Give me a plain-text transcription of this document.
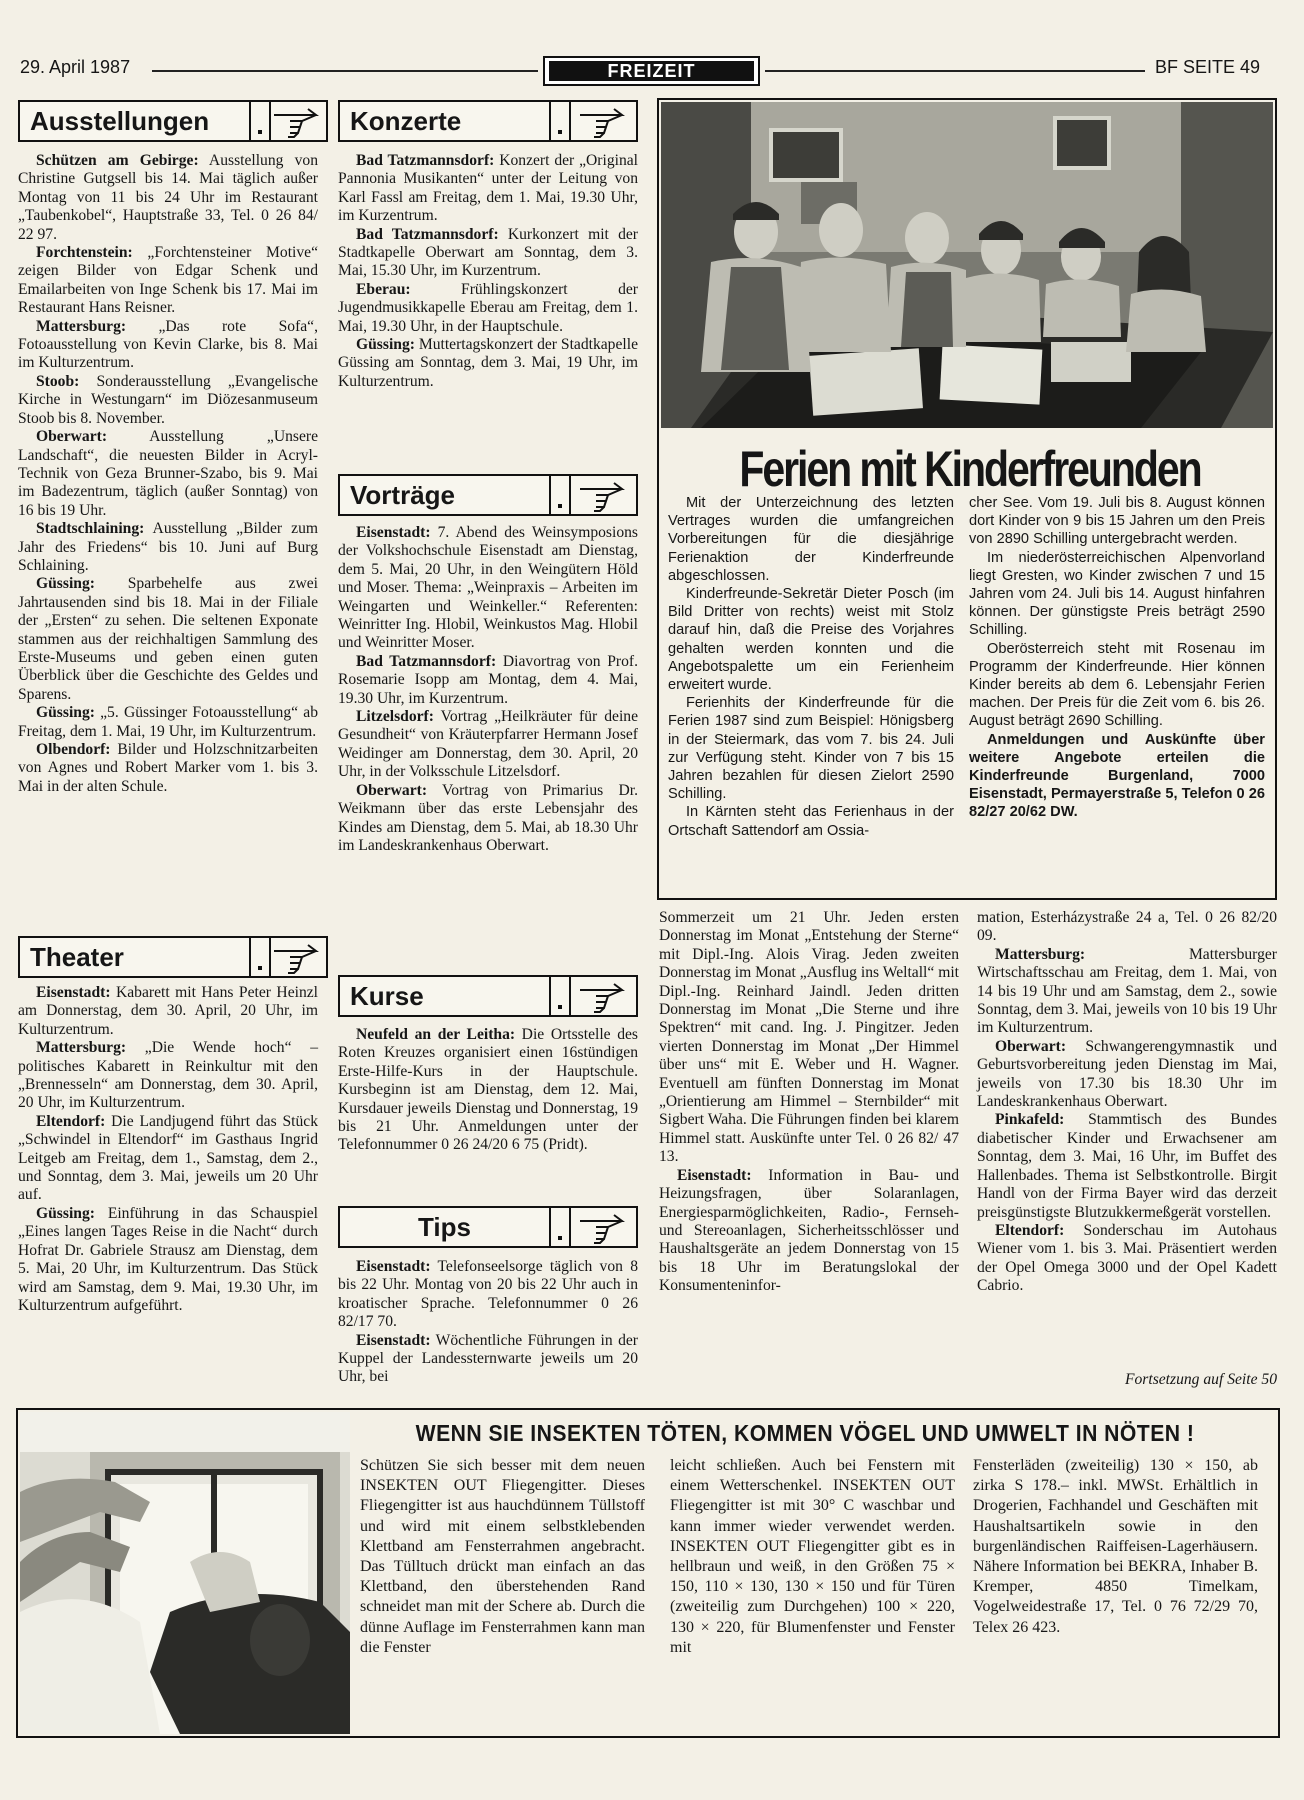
29. April 1987	FREIZEIT	BF SEITE 49
Ausstellungen	Konzerte
Vorträge
Theater
Kurse
Tips

Schützen am Gebirge: Ausstellung von Christine Gutgsell bis 14. Mai täglich außer Montag von 11 bis 24 Uhr im Restaurant „Taubenkobel“, Hauptstraße 33, Tel. 0 26 84/ 22 97.

Forchtenstein: „Forchtensteiner Motive“ zeigen Bilder von Edgar Schenk und Emailarbeiten von Inge Schenk bis 17. Mai im Restaurant Hans Reisner.

Mattersburg: „Das rote Sofa“, Fotoausstellung von Kevin Clarke, bis 8. Mai im Kulturzentrum.

Stoob: Sonderausstellung „Evangelische Kirche in Westungarn“ im Diözesanmuseum Stoob bis 8. November.

Oberwart: Ausstellung „Unsere Landschaft“, die neuesten Bilder in Acryl-Technik von Geza Brunner-Szabo, bis 9. Mai im Badezentrum, täglich (außer Sonntag) von 16 bis 19 Uhr.

Stadtschlaining: Ausstellung „Bilder zum Jahr des Friedens“ bis 10. Juni auf Burg Schlaining.

Güssing: Sparbehelfe aus zwei Jahrtausenden sind bis 18. Mai in der Filiale der „Ersten“ zu sehen. Die seltenen Exponate stammen aus der reichhaltigen Sammlung des Erste-Museums und geben einen guten Überblick über die Geschichte des Geldes und Sparens.

Güssing: „5. Güssinger Fotoausstellung“ ab Freitag, dem 1. Mai, 19 Uhr, im Kulturzentrum.

Olbendorf: Bilder und Holzschnitzarbeiten von Agnes und Robert Marker vom 1. bis 3. Mai in der alten Schule.

Eisenstadt: Kabarett mit Hans Peter Heinzl am Donnerstag, dem 30. April, 20 Uhr, im Kulturzentrum.

Mattersburg: „Die Wende hoch“ – politisches Kabarett in Reinkultur mit den „Brennesseln“ am Donnerstag, dem 30. April, 20 Uhr, im Kulturzentrum.

Eltendorf: Die Landjugend führt das Stück „Schwindel in Eltendorf“ im Gasthaus Ingrid Leitgeb am Freitag, dem 1., Samstag, dem 2., und Sonntag, dem 3. Mai, jeweils um 20 Uhr auf.

Güssing: Einführung in das Schauspiel „Eines langen Tages Reise in die Nacht“ durch Hofrat Dr. Gabriele Strausz am Dienstag, dem 5. Mai, 20 Uhr, im Kulturzentrum. Das Stück wird am Samstag, dem 9. Mai, 19.30 Uhr, im Kulturzentrum aufgeführt.

Bad Tatzmannsdorf: Konzert der „Original Pannonia Musikanten“ unter der Leitung von Karl Fassl am Freitag, dem 1. Mai, 19.30 Uhr, im Kurzentrum.

Bad Tatzmannsdorf: Kurkonzert mit der Stadtkapelle Oberwart am Sonntag, dem 3. Mai, 15.30 Uhr, im Kurzentrum.

Eberau: Frühlingskonzert der Jugendmusikkapelle Eberau am Freitag, dem 1. Mai, 19.30 Uhr, in der Hauptschule.

Güssing: Muttertagskonzert der Stadtkapelle Güssing am Sonntag, dem 3. Mai, 19 Uhr, im Kulturzentrum.

Eisenstadt: 7. Abend des Weinsymposions der Volkshochschule Eisenstadt am Dienstag, dem 5. Mai, 20 Uhr, in den Weingütern Höld und Moser. Thema: „Weinpraxis – Arbeiten im Weingarten und Weinkeller.“ Referenten: Weinritter Ing. Hlobil, Weinkustos Mag. Hlobil und Weinritter Moser.

Bad Tatzmannsdorf: Diavortrag von Prof. Rosemarie Isopp am Montag, dem 4. Mai, 19.30 Uhr, im Kurzentrum.

Litzelsdorf: Vortrag „Heilkräuter für deine Gesundheit“ von Kräuterpfarrer Hermann Josef Weidinger am Donnerstag, dem 30. April, 20 Uhr, in der Volksschule Litzelsdorf.

Oberwart: Vortrag von Primarius Dr. Weikmann über das erste Lebensjahr des Kindes am Dienstag, dem 5. Mai, ab 18.30 Uhr im Landeskrankenhaus Oberwart.

Neufeld an der Leitha: Die Ortsstelle des Roten Kreuzes organisiert einen 16stündigen Erste-Hilfe-Kurs in der Hauptschule. Kursbeginn ist am Dienstag, dem 12. Mai, Kursdauer jeweils Dienstag und Donnerstag, 19 bis 21 Uhr. Anmeldungen unter der Telefonnummer 0 26 24/20 6 75 (Pridt).

Eisenstadt: Telefonseelsorge täglich von 8 bis 22 Uhr. Montag von 20 bis 22 Uhr auch in kroatischer Sprache. Telefonnummer 0 26 82/17 70.

Eisenstadt: Wöchentliche Führungen in der Kuppel der Landessternwarte jeweils um 20 Uhr, bei

Ferien mit Kinderfreunden

Mit der Unterzeichnung des letzten Vertrages wurden die umfangreichen Vorbereitungen für die diesjährige Ferienaktion der Kinderfreunde abgeschlossen.

Kinderfreunde-Sekretär Dieter Posch (im Bild Dritter von rechts) weist mit Stolz darauf hin, daß die Preise des Vorjahres gehalten werden konnten und die Angebotspalette um ein Ferienheim erweitert wurde.

Ferienhits der Kinderfreunde für die Ferien 1987 sind zum Beispiel: Hönigsberg in der Steiermark, das vom 7. bis 24. Juli zur Verfügung steht. Kinder von 7 bis 15 Jahren bezahlen für diesen Zielort 2590 Schilling.

In Kärnten steht das Ferienhaus in der Ortschaft Sattendorf am Ossia-

cher See. Vom 19. Juli bis 8. August können dort Kinder von 9 bis 15 Jahren um den Preis von 2890 Schilling untergebracht werden.

Im niederösterreichischen Alpenvorland liegt Gresten, wo Kinder zwischen 7 und 15 Jahren vom 24. Juli bis 14. August hinfahren können. Der günstigste Preis beträgt 2590 Schilling.

Oberösterreich steht mit Rosenau im Programm der Kinderfreunde. Hier können Kinder bereits ab dem 6. Lebensjahr Ferien machen. Der Preis für die Zeit vom 6. bis 26. August beträgt 2690 Schilling.

Anmeldungen und Auskünfte über weitere Angebote erteilen die Kinderfreunde Burgenland, 7000 Eisenstadt, Permayerstraße 5, Telefon 0 26 82/27 20/62 DW.

Sommerzeit um 21 Uhr. Jeden ersten Donnerstag im Monat „Entstehung der Sterne“ mit Dipl.-Ing. Alois Virag. Jeden zweiten Donnerstag im Monat „Ausflug ins Weltall“ mit Dipl.-Ing. Reinhard Jaindl. Jeden dritten Donnerstag im Monat „Die Sterne und ihre Spektren“ mit cand. Ing. J. Pingitzer. Jeden vierten Donnerstag im Monat „Der Himmel über uns“ mit E. Weber und H. Wagner. Eventuell am fünften Donnerstag im Monat „Orientierung am Himmel – Sternbilder“ mit Sigbert Waha. Die Führungen finden bei klarem Himmel statt. Auskünfte unter Tel. 0 26 82/ 47 13.

Eisenstadt: Information in Bau- und Heizungsfragen, über Solaranlagen, Energiesparmöglichkeiten, Radio-, Fernseh- und Stereoanlagen, Sicherheitsschlösser und Haushaltsgeräte an jedem Donnerstag von 15 bis 18 Uhr im Beratungslokal der Konsumenteninfor-

mation, Esterházystraße 24 a, Tel. 0 26 82/20 09.

Mattersburg: Mattersburger Wirtschaftsschau am Freitag, dem 1. Mai, von 14 bis 19 Uhr und am Samstag, dem 2., sowie Sonntag, dem 3. Mai, jeweils von 10 bis 19 Uhr im Kulturzentrum.

Oberwart: Schwangerengymnastik und Geburtsvorbereitung jeden Dienstag im Mai, jeweils von 17.30 bis 18.30 Uhr im Landeskrankenhaus Oberwart.

Pinkafeld: Stammtisch des Bundes diabetischer Kinder und Erwachsener am Sonntag, dem 3. Mai, 16 Uhr, im Buffet des Hallenbades. Thema ist Selbstkontrolle. Birgit Handl von der Firma Bayer wird das derzeit preisgünstigste Blutzukkermeßgerät vorstellen.

Eltendorf: Sonderschau im Autohaus Wiener vom 1. bis 3. Mai. Präsentiert werden der Opel Omega 3000 und der Opel Kadett Cabrio.

Fortsetzung auf Seite 50
WENN SIE INSEKTEN TÖTEN, KOMMEN VÖGEL UND UMWELT IN NÖTEN !

Schützen Sie sich besser mit dem neuen INSEKTEN OUT Fliegengitter. Dieses Fliegengitter ist aus hauchdünnem Tüllstoff und wird mit einem selbstklebenden Klettband am Fensterrahmen angebracht. Das Tülltuch drückt man einfach an das Klettband, den überstehenden Rand schneidet man mit der Schere ab. Durch die dünne Auflage im Fensterrahmen kann man die Fenster

leicht schließen. Auch bei Fenstern mit einem Wetterschenkel. INSEKTEN OUT Fliegengitter ist mit 30° C waschbar und kann immer wieder verwendet werden. INSEKTEN OUT Fliegengitter gibt es in hellbraun und weiß, in den Größen 75 × 150, 110 × 130, 130 × 150 und für Türen (zweiteilig zum Durchgehen) 100 × 220, 130 × 220, für Blumenfenster und Fenster mit

Fensterläden (zweiteilig) 130 × 150, ab zirka S 178.– inkl. MWSt. Erhältlich in Drogerien, Fachhandel und Geschäften mit Haushaltsartikeln sowie in den burgenländischen Raiffeisen-Lagerhäusern. Nähere Information bei BEKRA, Inhaber B. Kremper, 4850 Timelkam, Vogelweidestraße 17, Tel. 0 76 72/29 70, Telex 26 423.
